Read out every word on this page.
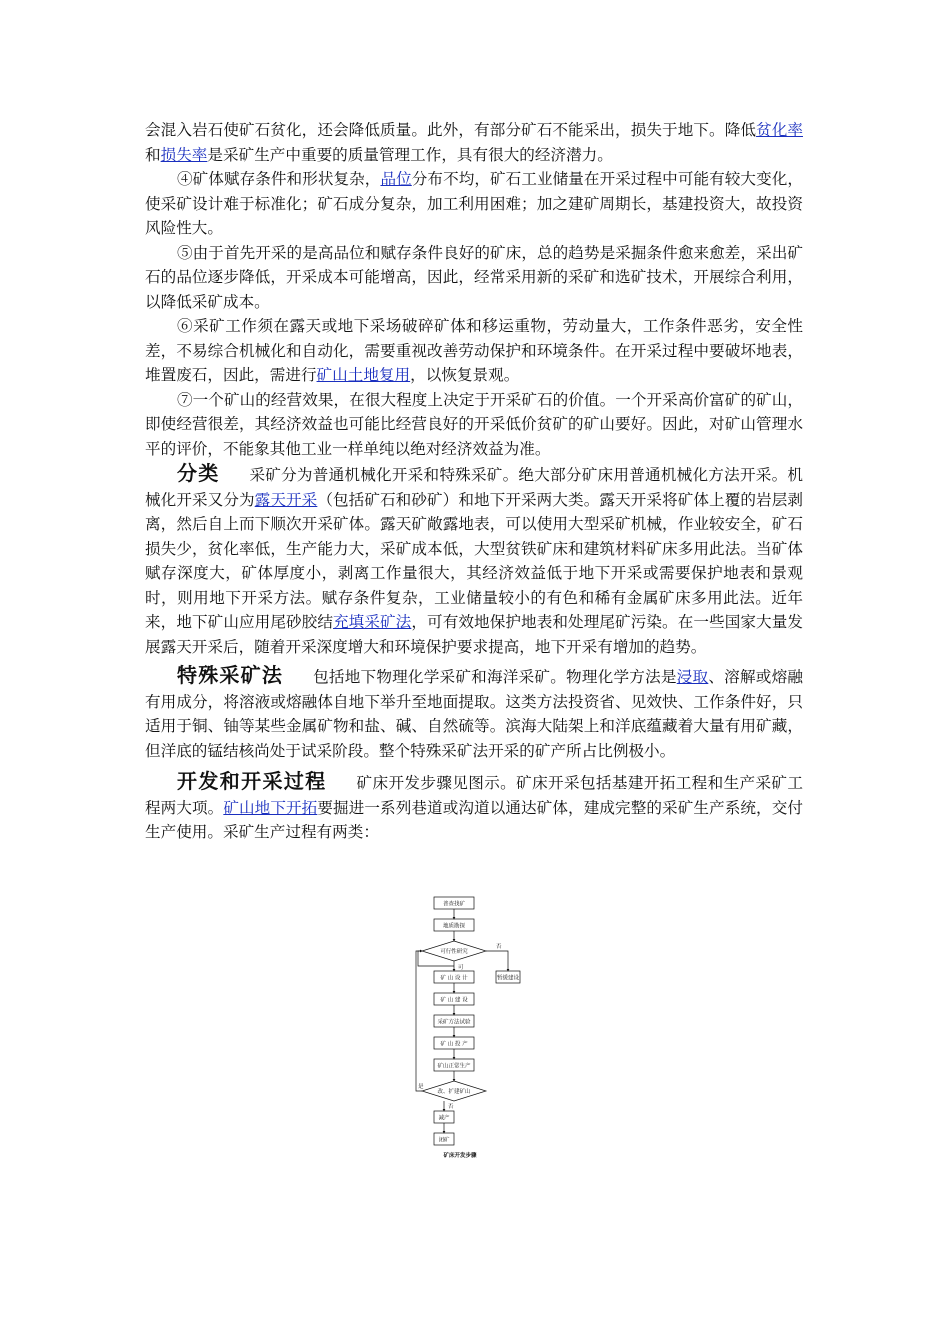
会混入岩石使矿石贫化，还会降低质量。此外，有部分矿石不能采出，损失于地下。降低贫化率和损失率是采矿生产中重要的质量管理工作，具有很大的经济潜力。

④矿体赋存条件和形状复杂，品位分布不均，矿石工业储量在开采过程中可能有较大变化，使采矿设计难于标准化；矿石成分复杂，加工利用困难；加之建矿周期长，基建投资大，故投资风险性大。

⑤由于首先开采的是高品位和赋存条件良好的矿床，总的趋势是采掘条件愈来愈差，采出矿石的品位逐步降低，开采成本可能增高，因此，经常采用新的采矿和选矿技术，开展综合利用，以降低采矿成本。

⑥采矿工作须在露天或地下采场破碎矿体和移运重物，劳动量大，工作条件恶劣，安全性差，不易综合机械化和自动化，需要重视改善劳动保护和环境条件。在开采过程中要破坏地表，堆置废石，因此，需进行矿山土地复用，以恢复景观。

⑦一个矿山的经营效果，在很大程度上决定于开采矿石的价值。一个开采高价富矿的矿山，即使经营很差，其经济效益也可能比经营良好的开采低价贫矿的矿山要好。因此，对矿山管理水平的评价，不能象其他工业一样单纯以绝对经济效益为准。

分类 采矿分为普通机械化开采和特殊采矿。绝大部分矿床用普通机械化方法开采。机械化开采又分为露天开采（包括矿石和砂矿）和地下开采两大类。露天开采将矿体上覆的岩层剥离，然后自上而下顺次开采矿体。露天矿敞露地表，可以使用大型采矿机械，作业较安全，矿石损失少，贫化率低，生产能力大，采矿成本低，大型贫铁矿床和建筑材料矿床多用此法。当矿体赋存深度大，矿体厚度小，剥离工作量很大，其经济效益低于地下开采或需要保护地表和景观时，则用地下开采方法。赋存条件复杂，工业储量较小的有色和稀有金属矿床多用此法。近年来，地下矿山应用尾砂胶结充填采矿法，可有效地保护地表和处理尾矿污染。在一些国家大量发展露天开采后，随着开采深度增大和环境保护要求提高，地下开采有增加的趋势。

特殊采矿法 包括地下物理化学采矿和海洋采矿。物理化学方法是浸取、溶解或熔融有用成分，将溶液或熔融体自地下举升至地面提取。这类方法投资省、见效快、工作条件好，只适用于铜、铀等某些金属矿物和盐、碱、自然硫等。滨海大陆架上和洋底蕴藏着大量有用矿藏，但洋底的锰结核尚处于试采阶段。整个特殊采矿法开采的矿产所占比例极小。

开发和开采过程 矿床开发步骤见图示。矿床开采包括基建开拓工程和生产采矿工程两大项。矿山地下开拓要掘进一系列巷道或沟道以通达矿体，建成完整的采矿生产系统，交付生产使用。采矿生产过程有两类：

普查找矿
地质勘探
可行性研究
矿 山 设 计
矿 山 建 设
采矿方法试验
矿 山 投 产
矿山正常生产
改、扩建矿山
减产
闭矿
暂缓建设
否
可
是
否
矿床开发步骤
